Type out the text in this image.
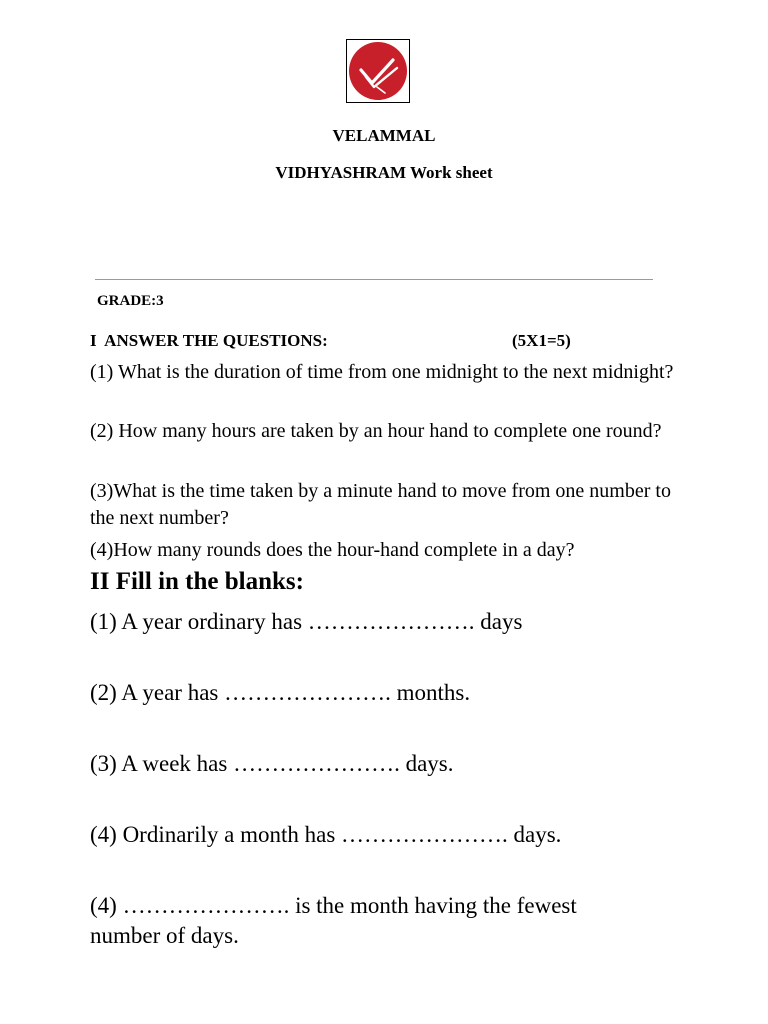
VELAMMAL
VIDHYASHRAM Work sheet
GRADE:3
I  ANSWER THE QUESTIONS:	(5X1=5)
(1) What is the duration of time from one midnight to the next midnight?
(2) How many hours are taken by an hour hand to complete one round?
(3)What is the time taken by a minute hand to move from one number to the next number?
(4)How many rounds does the hour-hand complete in a day?
II Fill in the blanks:
(1) A year ordinary has …………………. days
(2) A year has …………………. months.
(3) A week has …………………. days.
(4) Ordinarily a month has …………………. days.
(4) …………………. is the month having the fewest number of days.
